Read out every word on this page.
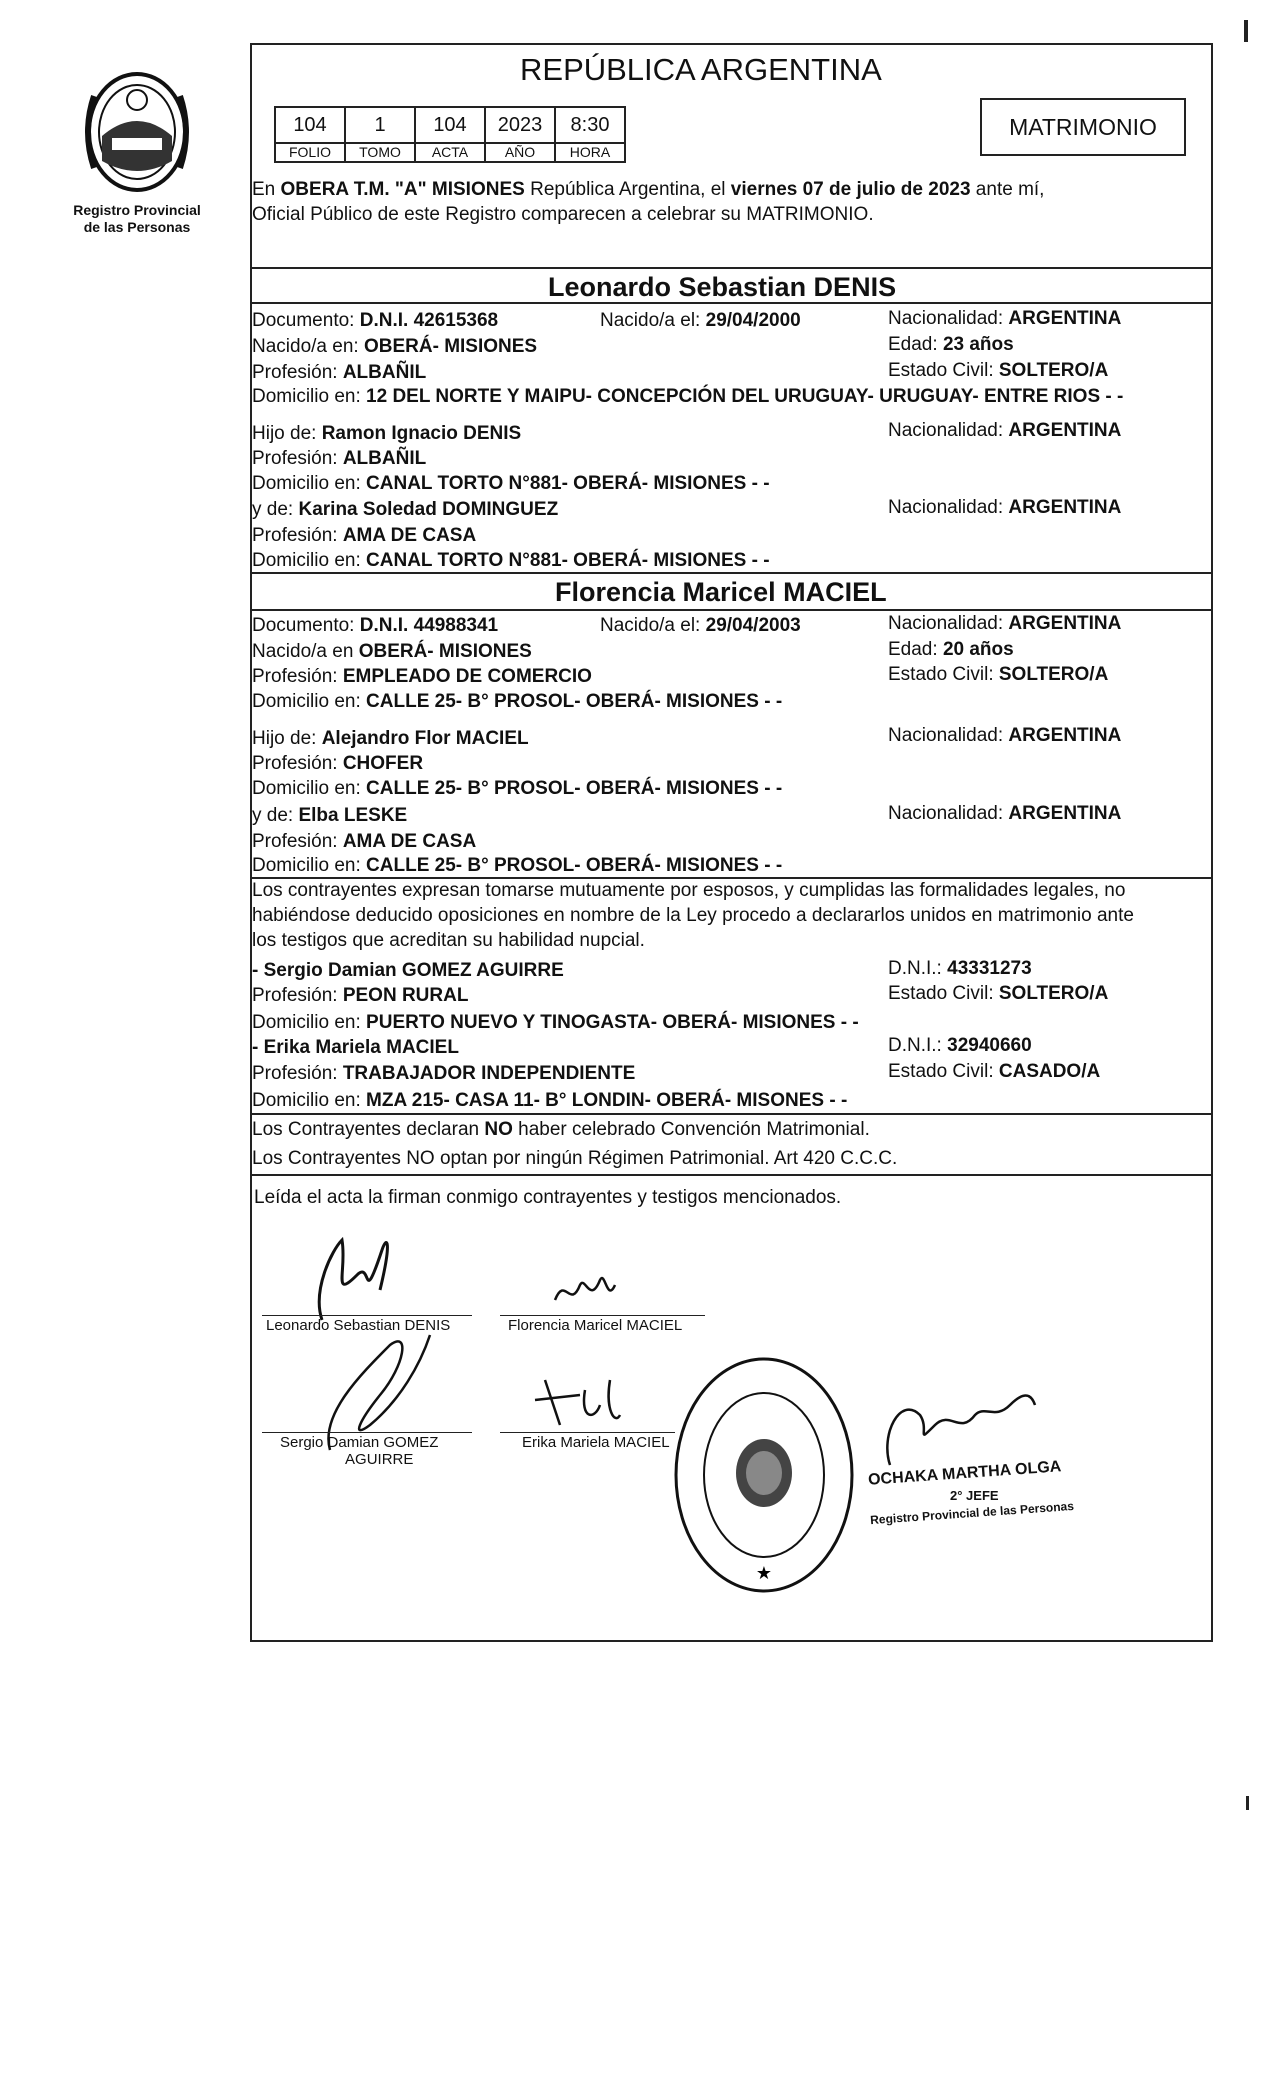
Registro Provincial
de las Personas
REPÚBLICA ARGENTINA
104	1	104	2023	8:30
FOLIO	TOMO	ACTA	AÑO	HORA
MATRIMONIO
En OBERA T.M. "A" MISIONES República Argentina, el viernes 07 de julio de 2023 ante mí,
Oficial Público de este Registro comparecen a celebrar su MATRIMONIO.
Leonardo Sebastian DENIS
Documento: D.N.I. 42615368	Nacido/a el: 29/04/2000	Nacionalidad: ARGENTINA
Nacido/a en: OBERÁ- MISIONES	Edad: 23 años
Profesión: ALBAÑIL	Estado Civil: SOLTERO/A
Domicilio en: 12 DEL NORTE Y MAIPU- CONCEPCIÓN DEL URUGUAY- URUGUAY- ENTRE RIOS - -
Hijo de: Ramon Ignacio DENIS	Nacionalidad: ARGENTINA
Profesión: ALBAÑIL
Domicilio en: CANAL TORTO N°881- OBERÁ- MISIONES - -
y de: Karina Soledad DOMINGUEZ	Nacionalidad: ARGENTINA
Profesión: AMA DE CASA
Domicilio en: CANAL TORTO N°881- OBERÁ- MISIONES - -
Florencia Maricel MACIEL
Documento: D.N.I. 44988341	Nacido/a el: 29/04/2003	Nacionalidad: ARGENTINA
Nacido/a en OBERÁ- MISIONES	Edad: 20 años
Profesión: EMPLEADO DE COMERCIO	Estado Civil: SOLTERO/A
Domicilio en: CALLE 25- B° PROSOL- OBERÁ- MISIONES - -
Hijo de: Alejandro Flor MACIEL	Nacionalidad: ARGENTINA
Profesión: CHOFER
Domicilio en: CALLE 25- B° PROSOL- OBERÁ- MISIONES - -
y de: Elba LESKE	Nacionalidad: ARGENTINA
Profesión: AMA DE CASA
Domicilio en: CALLE 25- B° PROSOL- OBERÁ- MISIONES - -
Los contrayentes expresan tomarse mutuamente por esposos, y cumplidas las formalidades legales, no
habiéndose deducido oposiciones en nombre de la Ley procedo a declararlos unidos en matrimonio ante
los testigos que acreditan su habilidad nupcial.
- Sergio Damian GOMEZ AGUIRRE	D.N.I.: 43331273
Profesión: PEON RURAL	Estado Civil: SOLTERO/A
Domicilio en: PUERTO NUEVO Y TINOGASTA- OBERÁ- MISIONES - -
- Erika Mariela MACIEL	D.N.I.: 32940660
Profesión: TRABAJADOR INDEPENDIENTE	Estado Civil: CASADO/A
Domicilio en: MZA 215- CASA 11- B° LONDIN- OBERÁ- MISONES - -
Los Contrayentes declaran NO haber celebrado Convención Matrimonial.
Los Contrayentes NO optan por ningún Régimen Patrimonial. Art 420 C.C.C.
Leída el acta la firman conmigo contrayentes y testigos mencionados.
Leonardo Sebastian DENIS	Florencia Maricel MACIEL
Sergio Damian GOMEZ
AGUIRRE
Erika Mariela MACIEL
★
OCHAKA MARTHA OLGA
2° JEFE
Registro Provincial de las Personas
